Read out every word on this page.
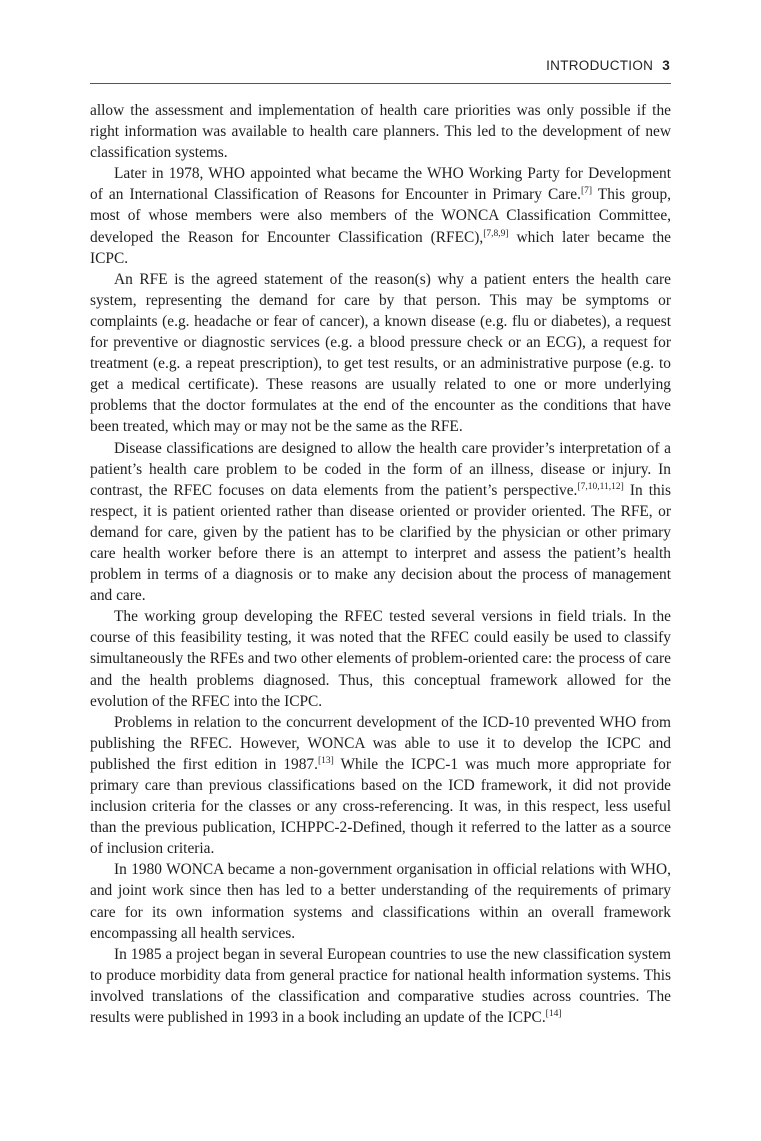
INTRODUCTION 3

allow the assessment and implementation of health care priorities was only possible if the right information was available to health care planners. This led to the development of new classification systems.

Later in 1978, WHO appointed what became the WHO Working Party for Development of an International Classification of Reasons for Encounter in Primary Care.[7] This group, most of whose members were also members of the WONCA Classification Committee, developed the Reason for Encounter Classification (RFEC),[7,8,9] which later became the ICPC.

An RFE is the agreed statement of the reason(s) why a patient enters the health care system, representing the demand for care by that person. This may be symptoms or complaints (e.g. headache or fear of cancer), a known disease (e.g. flu or diabetes), a request for preventive or diagnostic services (e.g. a blood pressure check or an ECG), a request for treatment (e.g. a repeat prescription), to get test results, or an administrative purpose (e.g. to get a medical certificate). These reasons are usually related to one or more underlying problems that the doctor formulates at the end of the encounter as the conditions that have been treated, which may or may not be the same as the RFE.

Disease classifications are designed to allow the health care provider’s interpretation of a patient’s health care problem to be coded in the form of an illness, disease or injury. In contrast, the RFEC focuses on data elements from the patient’s perspective.[7,10,11,12] In this respect, it is patient oriented rather than disease oriented or provider oriented. The RFE, or demand for care, given by the patient has to be clarified by the physician or other primary care health worker before there is an attempt to interpret and assess the patient’s health problem in terms of a diagnosis or to make any decision about the process of management and care.

The working group developing the RFEC tested several versions in field trials. In the course of this feasibility testing, it was noted that the RFEC could easily be used to classify simultaneously the RFEs and two other elements of problem-oriented care: the process of care and the health problems diagnosed. Thus, this conceptual framework allowed for the evolution of the RFEC into the ICPC.

Problems in relation to the concurrent development of the ICD-10 prevented WHO from publishing the RFEC. However, WONCA was able to use it to develop the ICPC and published the first edition in 1987.[13] While the ICPC-1 was much more appropriate for primary care than previous classifications based on the ICD framework, it did not provide inclusion criteria for the classes or any cross-referencing. It was, in this respect, less useful than the previous publication, ICHPPC-2-Defined, though it referred to the latter as a source of inclusion criteria.

In 1980 WONCA became a non-government organisation in official relations with WHO, and joint work since then has led to a better understanding of the requirements of primary care for its own information systems and classifications within an overall framework encompassing all health services.

In 1985 a project began in several European countries to use the new classification system to produce morbidity data from general practice for national health information systems. This involved translations of the classification and comparative studies across countries. The results were published in 1993 in a book including an update of the ICPC.[14]
